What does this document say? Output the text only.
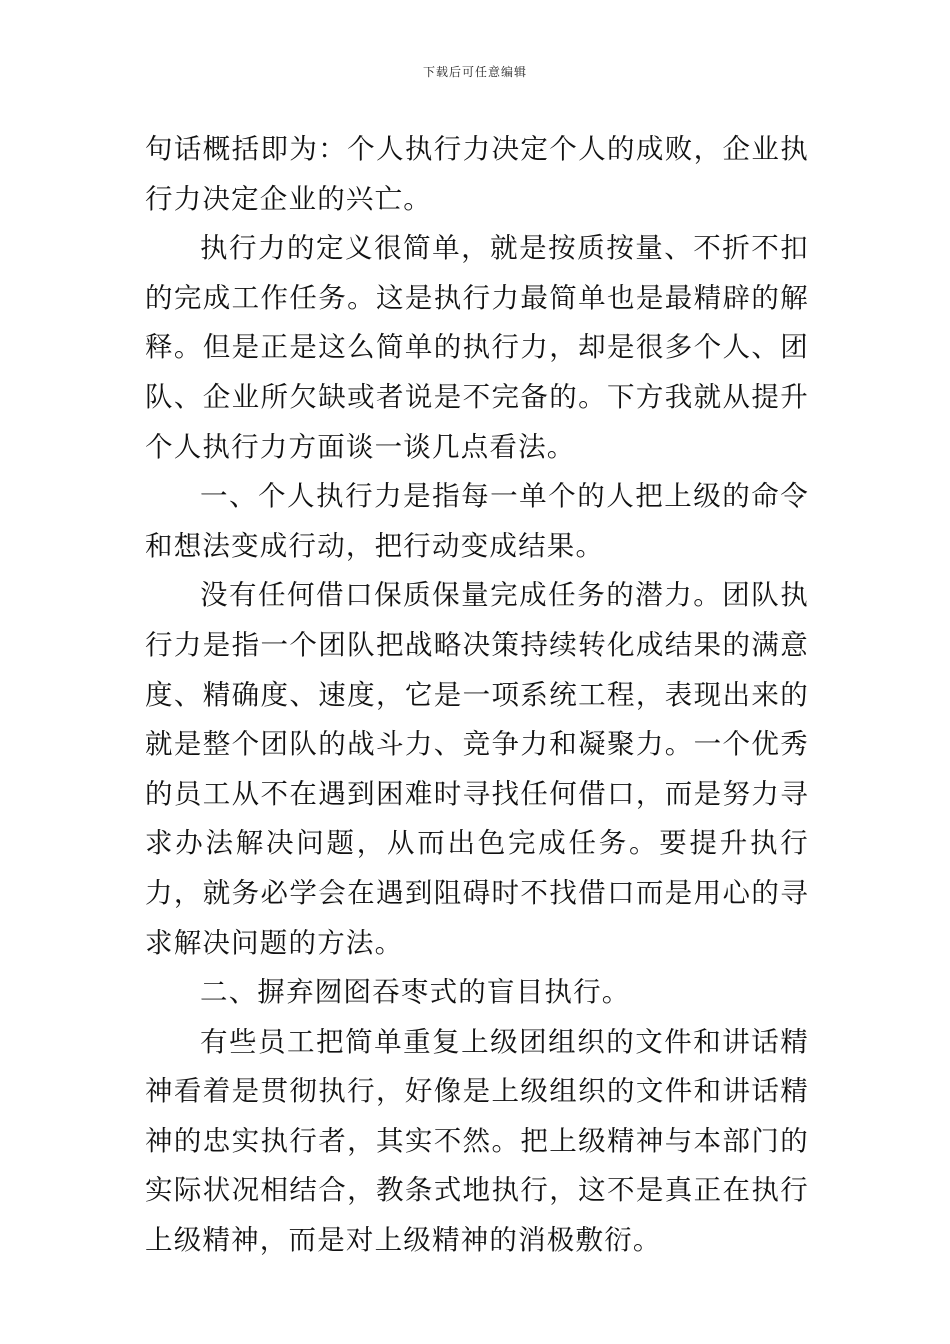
下载后可任意编辑

句话概括即为：个人执行力决定个人的成败，企业执行力决定企业的兴亡。

执行力的定义很简单，就是按质按量、不折不扣的完成工作任务。这是执行力最简单也是最精辟的解释。但是正是这么简单的执行力，却是很多个人、团队、企业所欠缺或者说是不完备的。下方我就从提升个人执行力方面谈一谈几点看法。

一、个人执行力是指每一单个的人把上级的命令和想法变成行动，把行动变成结果。

没有任何借口保质保量完成任务的潜力。团队执行力是指一个团队把战略决策持续转化成结果的满意度、精确度、速度，它是一项系统工程，表现出来的就是整个团队的战斗力、竞争力和凝聚力。一个优秀的员工从不在遇到困难时寻找任何借口，而是努力寻求办法解决问题，从而出色完成任务。要提升执行力，就务必学会在遇到阻碍时不找借口而是用心的寻求解决问题的方法。

二、摒弃囫囵吞枣式的盲目执行。

有些员工把简单重复上级团组织的文件和讲话精神看着是贯彻执行，好像是上级组织的文件和讲话精神的忠实执行者，其实不然。把上级精神与本部门的实际状况相结合，教条式地执行，这不是真正在执行上级精神，而是对上级精神的消极敷衍。
